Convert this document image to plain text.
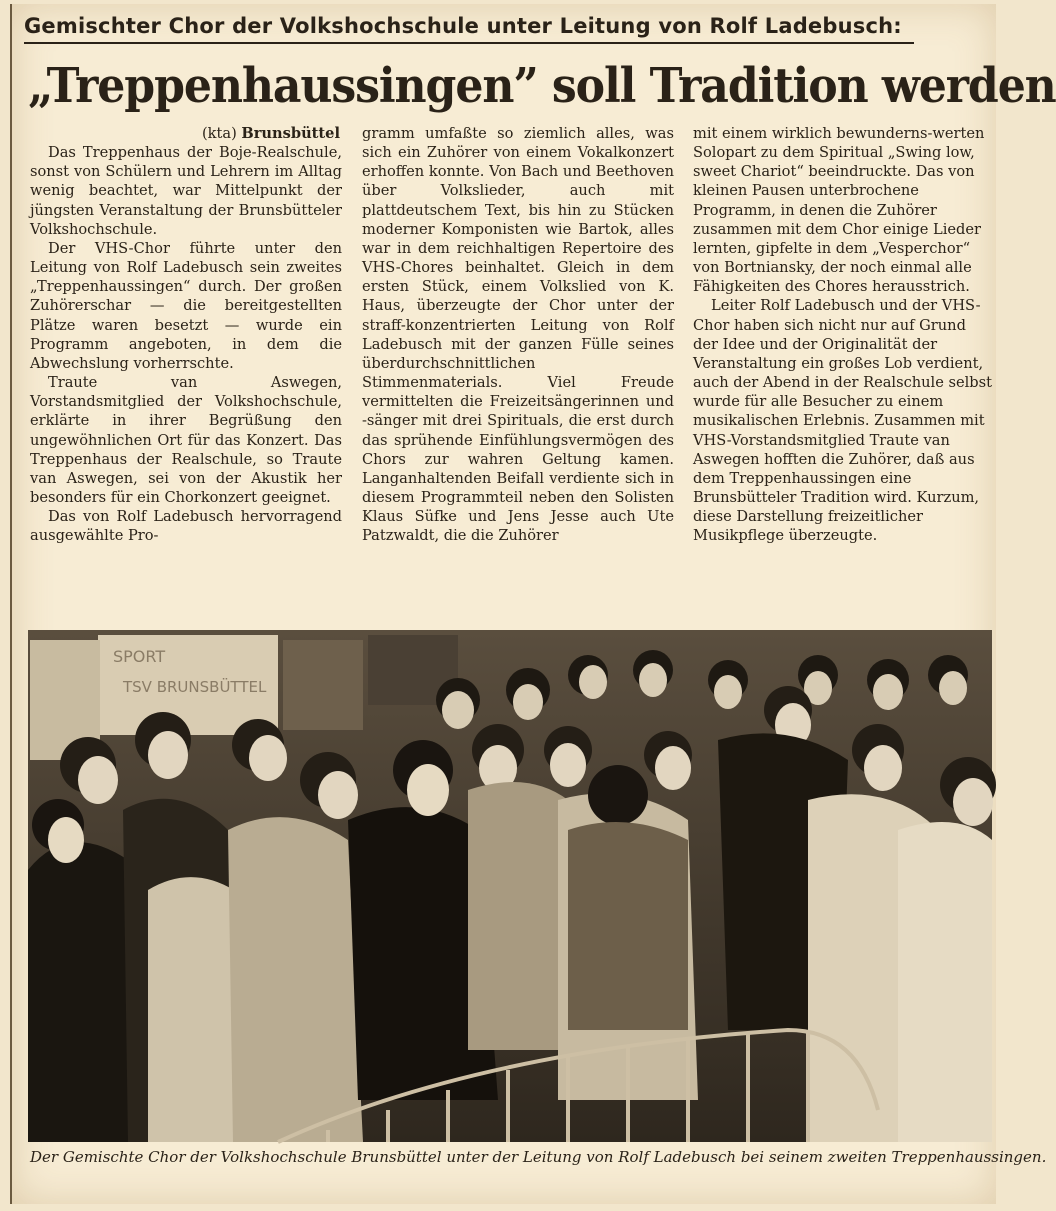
Gemischter Chor der Volkshochschule unter Leitung von Rolf Ladebusch:
„Treppenhaussingen” soll Tradition werden
(kta) Brunsbüttel

Das Treppenhaus der Boje-Realschule, sonst von Schülern und Lehrern im Alltag wenig beachtet, war Mittelpunkt der jüngsten Veranstaltung der Brunsbütteler Volkshochschule.

Der VHS-Chor führte unter den Leitung von Rolf Ladebusch sein zweites „Treppenhaussingen“ durch. Der großen Zuhörerschar — die bereitgestellten Plätze waren besetzt — wurde ein Programm angeboten, in dem die Abwechslung vorherrschte.

Traute van Aswegen, Vorstandsmitglied der Volkshochschule, erklärte in ihrer Begrüßung den ungewöhnlichen Ort für das Konzert. Das Treppenhaus der Realschule, so Traute van Aswegen, sei von der Akustik her besonders für ein Chorkonzert geeignet.

Das von Rolf Ladebusch hervorragend ausgewählte Pro-

gramm umfaßte so ziemlich alles, was sich ein Zuhörer von einem Vokalkonzert erhoffen konnte. Von Bach und Beethoven über Volkslieder, auch mit plattdeutschem Text, bis hin zu Stücken moderner Komponisten wie Bartok, alles war in dem reichhaltigen Repertoire des VHS-Chores beinhaltet. Gleich in dem ersten Stück, einem Volkslied von K. Haus, überzeugte der Chor unter der straff-konzentrierten Leitung von Rolf Ladebusch mit der ganzen Fülle seines überdurchschnittlichen Stimmenmaterials. Viel Freude vermittelten die Freizeitsängerinnen und -sänger mit drei Spirituals, die erst durch das sprühende Einfühlungsvermögen des Chors zur wahren Geltung kamen. Langanhaltenden Beifall verdiente sich in diesem Programmteil neben den Solisten Klaus Süfke und Jens Jesse auch Ute Patzwaldt, die die Zuhörer

mit einem wirklich bewunderns-werten Solopart zu dem Spiritual „Swing low, sweet Chariot“ beeindruckte. Das von kleinen Pausen unterbrochene Programm, in denen die Zuhörer zusammen mit dem Chor einige Lieder lernten, gipfelte in dem „Vesperchor“ von Bortniansky, der noch einmal alle Fähigkeiten des Chores herausstrich.

Leiter Rolf Ladebusch und der VHS-Chor haben sich nicht nur auf Grund der Idee und der Originalität der Veranstaltung ein großes Lob verdient, auch der Abend in der Realschule selbst wurde für alle Besucher zu einem musikalischen Erlebnis. Zusammen mit VHS-Vorstandsmitglied Traute van Aswegen hofften die Zuhörer, daß aus dem Treppenhaussingen eine Brunsbütteler Tradition wird. Kurzum, diese Darstellung freizeitlicher Musikpflege überzeugte.

SPORT
TSV BRUNSBÜTTEL
Der Gemischte Chor der Volkshochschule Brunsbüttel unter der Leitung von Rolf Ladebusch bei seinem zweiten Treppenhaussingen.
